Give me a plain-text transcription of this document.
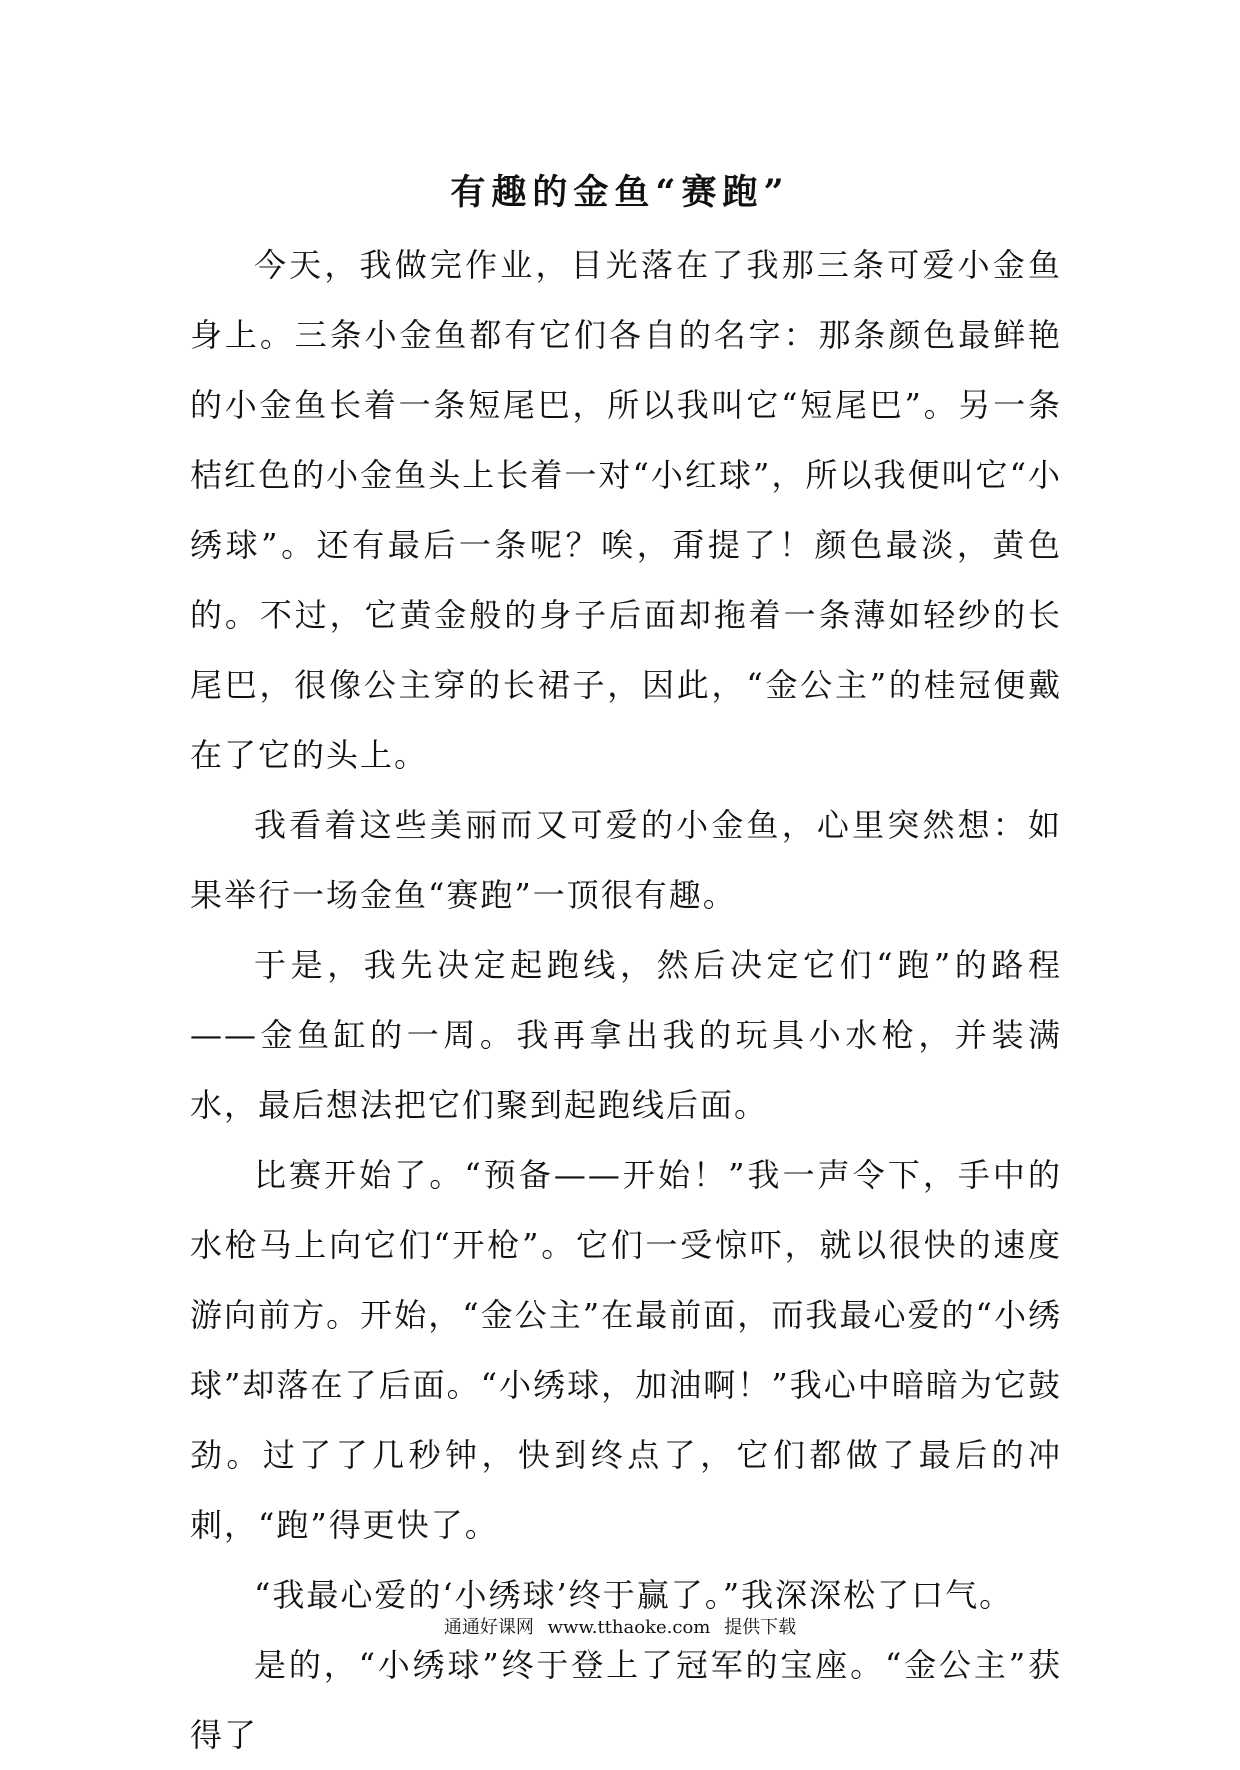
有趣的金鱼“赛跑”

今天，我做完作业，目光落在了我那三条可爱小金鱼身上。三条小金鱼都有它们各自的名字：那条颜色最鲜艳的小金鱼长着一条短尾巴，所以我叫它“短尾巴”。另一条桔红色的小金鱼头上长着一对“小红球”，所以我便叫它“小绣球”。还有最后一条呢？唉，甭提了！颜色最淡，黄色的。不过，它黄金般的身子后面却拖着一条薄如轻纱的长尾巴，很像公主穿的长裙子，因此，“金公主”的桂冠便戴在了它的头上。

我看着这些美丽而又可爱的小金鱼，心里突然想：如果举行一场金鱼“赛跑”一顶很有趣。

于是，我先决定起跑线，然后决定它们“跑”的路程——金鱼缸的一周。我再拿出我的玩具小水枪，并装满水，最后想法把它们聚到起跑线后面。

比赛开始了。“预备——开始！”我一声令下，手中的水枪马上向它们“开枪”。它们一受惊吓，就以很快的速度游向前方。开始，“金公主”在最前面，而我最心爱的“小绣球”却落在了后面。“小绣球，加油啊！”我心中暗暗为它鼓劲。过了了几秒钟，快到终点了，它们都做了最后的冲刺，“跑”得更快了。

“我最心爱的‘小绣球’终于赢了。”我深深松了口气。

是的，“小绣球”终于登上了冠军的宝座。“金公主”获得了

通通好课网 www.tthaoke.com 提供下载
